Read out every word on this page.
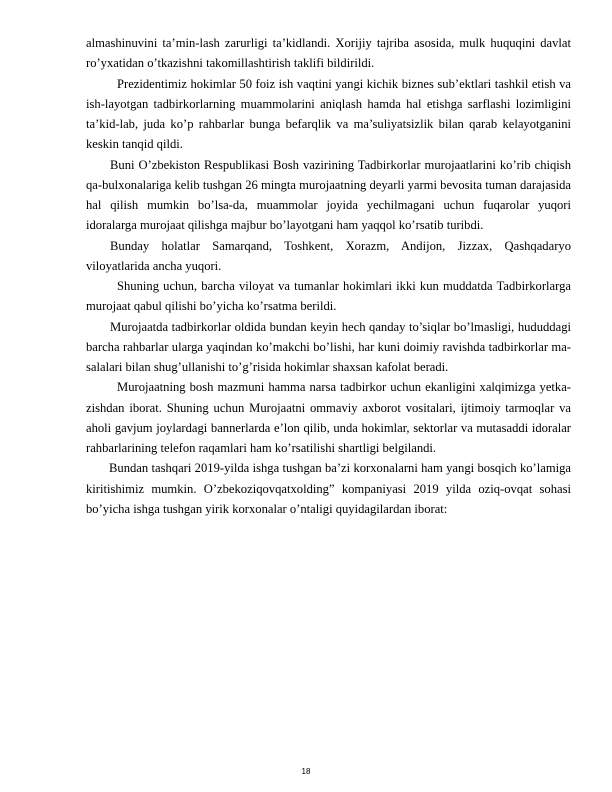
almashinuvini ta’min-lash zarurligi ta’kidlandi. Xorijiy tajriba asosida, mulk huquqini davlat ro’yxatidan o’tkazishni takomillashtirish taklifi bildirildi.

Prezidentimiz hokimlar 50 foiz ish vaqtini yangi kichik biznes sub’ektlari tashkil etish va ish-layotgan tadbirkorlarning muammolarini aniqlash hamda hal etishga sarflashi lozimligini ta’kid-lab, juda ko’p rahbarlar bunga befarqlik va ma’suliyatsizlik bilan qarab kelayotganini keskin tanqid qildi.

Buni O’zbekiston Respublikasi Bosh vazirining Tadbirkorlar murojaatlarini ko’rib chiqish qa-bulxonalariga kelib tushgan 26 mingta murojaatning deyarli yarmi bevosita tuman darajasida hal qilish mumkin bo’lsa-da, muammolar joyida yechilmagani uchun fuqarolar yuqori idoralarga murojaat qilishga majbur bo’layotgani ham yaqqol ko’rsatib turibdi.

Bunday holatlar Samarqand, Toshkent, Xorazm, Andijon, Jizzax, Qashqadaryo viloyatlarida ancha yuqori.

Shuning uchun, barcha viloyat va tumanlar hokimlari ikki kun muddatda Tadbirkorlarga murojaat qabul qilishi bo’yicha ko’rsatma berildi.

Murojaatda tadbirkorlar oldida bundan keyin hech qanday to’siqlar bo’lmasligi, hududdagi barcha rahbarlar ularga yaqindan ko’makchi bo’lishi, har kuni doimiy ravishda tadbirkorlar ma-salalari bilan shug’ullanishi to’g’risida hokimlar shaxsan kafolat beradi.

Murojaatning bosh mazmuni hamma narsa tadbirkor uchun ekanligini xalqimizga yetka-zishdan iborat. Shuning uchun Murojaatni ommaviy axborot vositalari, ijtimoiy tarmoqlar va aholi gavjum joylardagi bannerlarda e’lon qilib, unda hokimlar, sektorlar va mutasaddi idoralar rahbarlarining telefon raqamlari ham ko’rsatilishi shartligi belgilandi.

Bundan tashqari 2019-yilda ishga tushgan ba’zi korxonalarni ham yangi bosqich ko’lamiga kiritishimiz mumkin. O’zbekoziqovqatxolding” kompaniyasi 2019 yilda oziq-ovqat sohasi bo’yicha ishga tushgan yirik korxonalar o’ntaligi quyidagilardan iborat:

18
